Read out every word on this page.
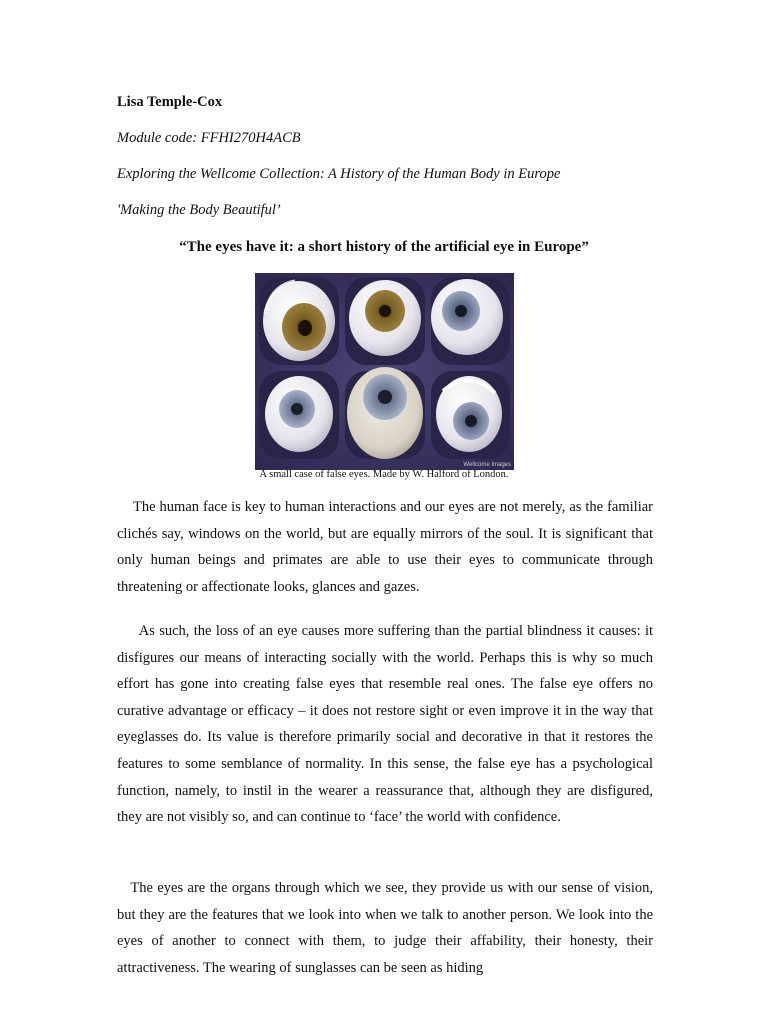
Lisa Temple-Cox
Module code: FFHI270H4ACB
Exploring the Wellcome Collection: A History of the Human Body in Europe
'Making the Body Beautiful’
“The eyes have it: a short history of the artificial eye in Europe”
Wellcome Images
A small case of false eyes. Made by W. Halford of London.

The human face is key to human interactions and our eyes are not merely, as the familiar clichés say, windows on the world, but are equally mirrors of the soul. It is significant that only human beings and primates are able to use their eyes to communicate through threatening or affectionate looks, glances and gazes.

As such, the loss of an eye causes more suffering than the partial blindness it causes: it disfigures our means of interacting socially with the world. Perhaps this is why so much effort has gone into creating false eyes that resemble real ones. The false eye offers no curative advantage or efficacy – it does not restore sight or even improve it in the way that eyeglasses do. Its value is therefore primarily social and decorative in that it restores the features to some semblance of normality. In this sense, the false eye has a psychological function, namely, to instil in the wearer a reassurance that, although they are disfigured, they are not visibly so, and can continue to ‘face’ the world with confidence.

The eyes are the organs through which we see, they provide us with our sense of vision, but they are the features that we look into when we talk to another person. We look into the eyes of another to connect with them, to judge their affability, their honesty, their attractiveness. The wearing of sunglasses can be seen as hiding
